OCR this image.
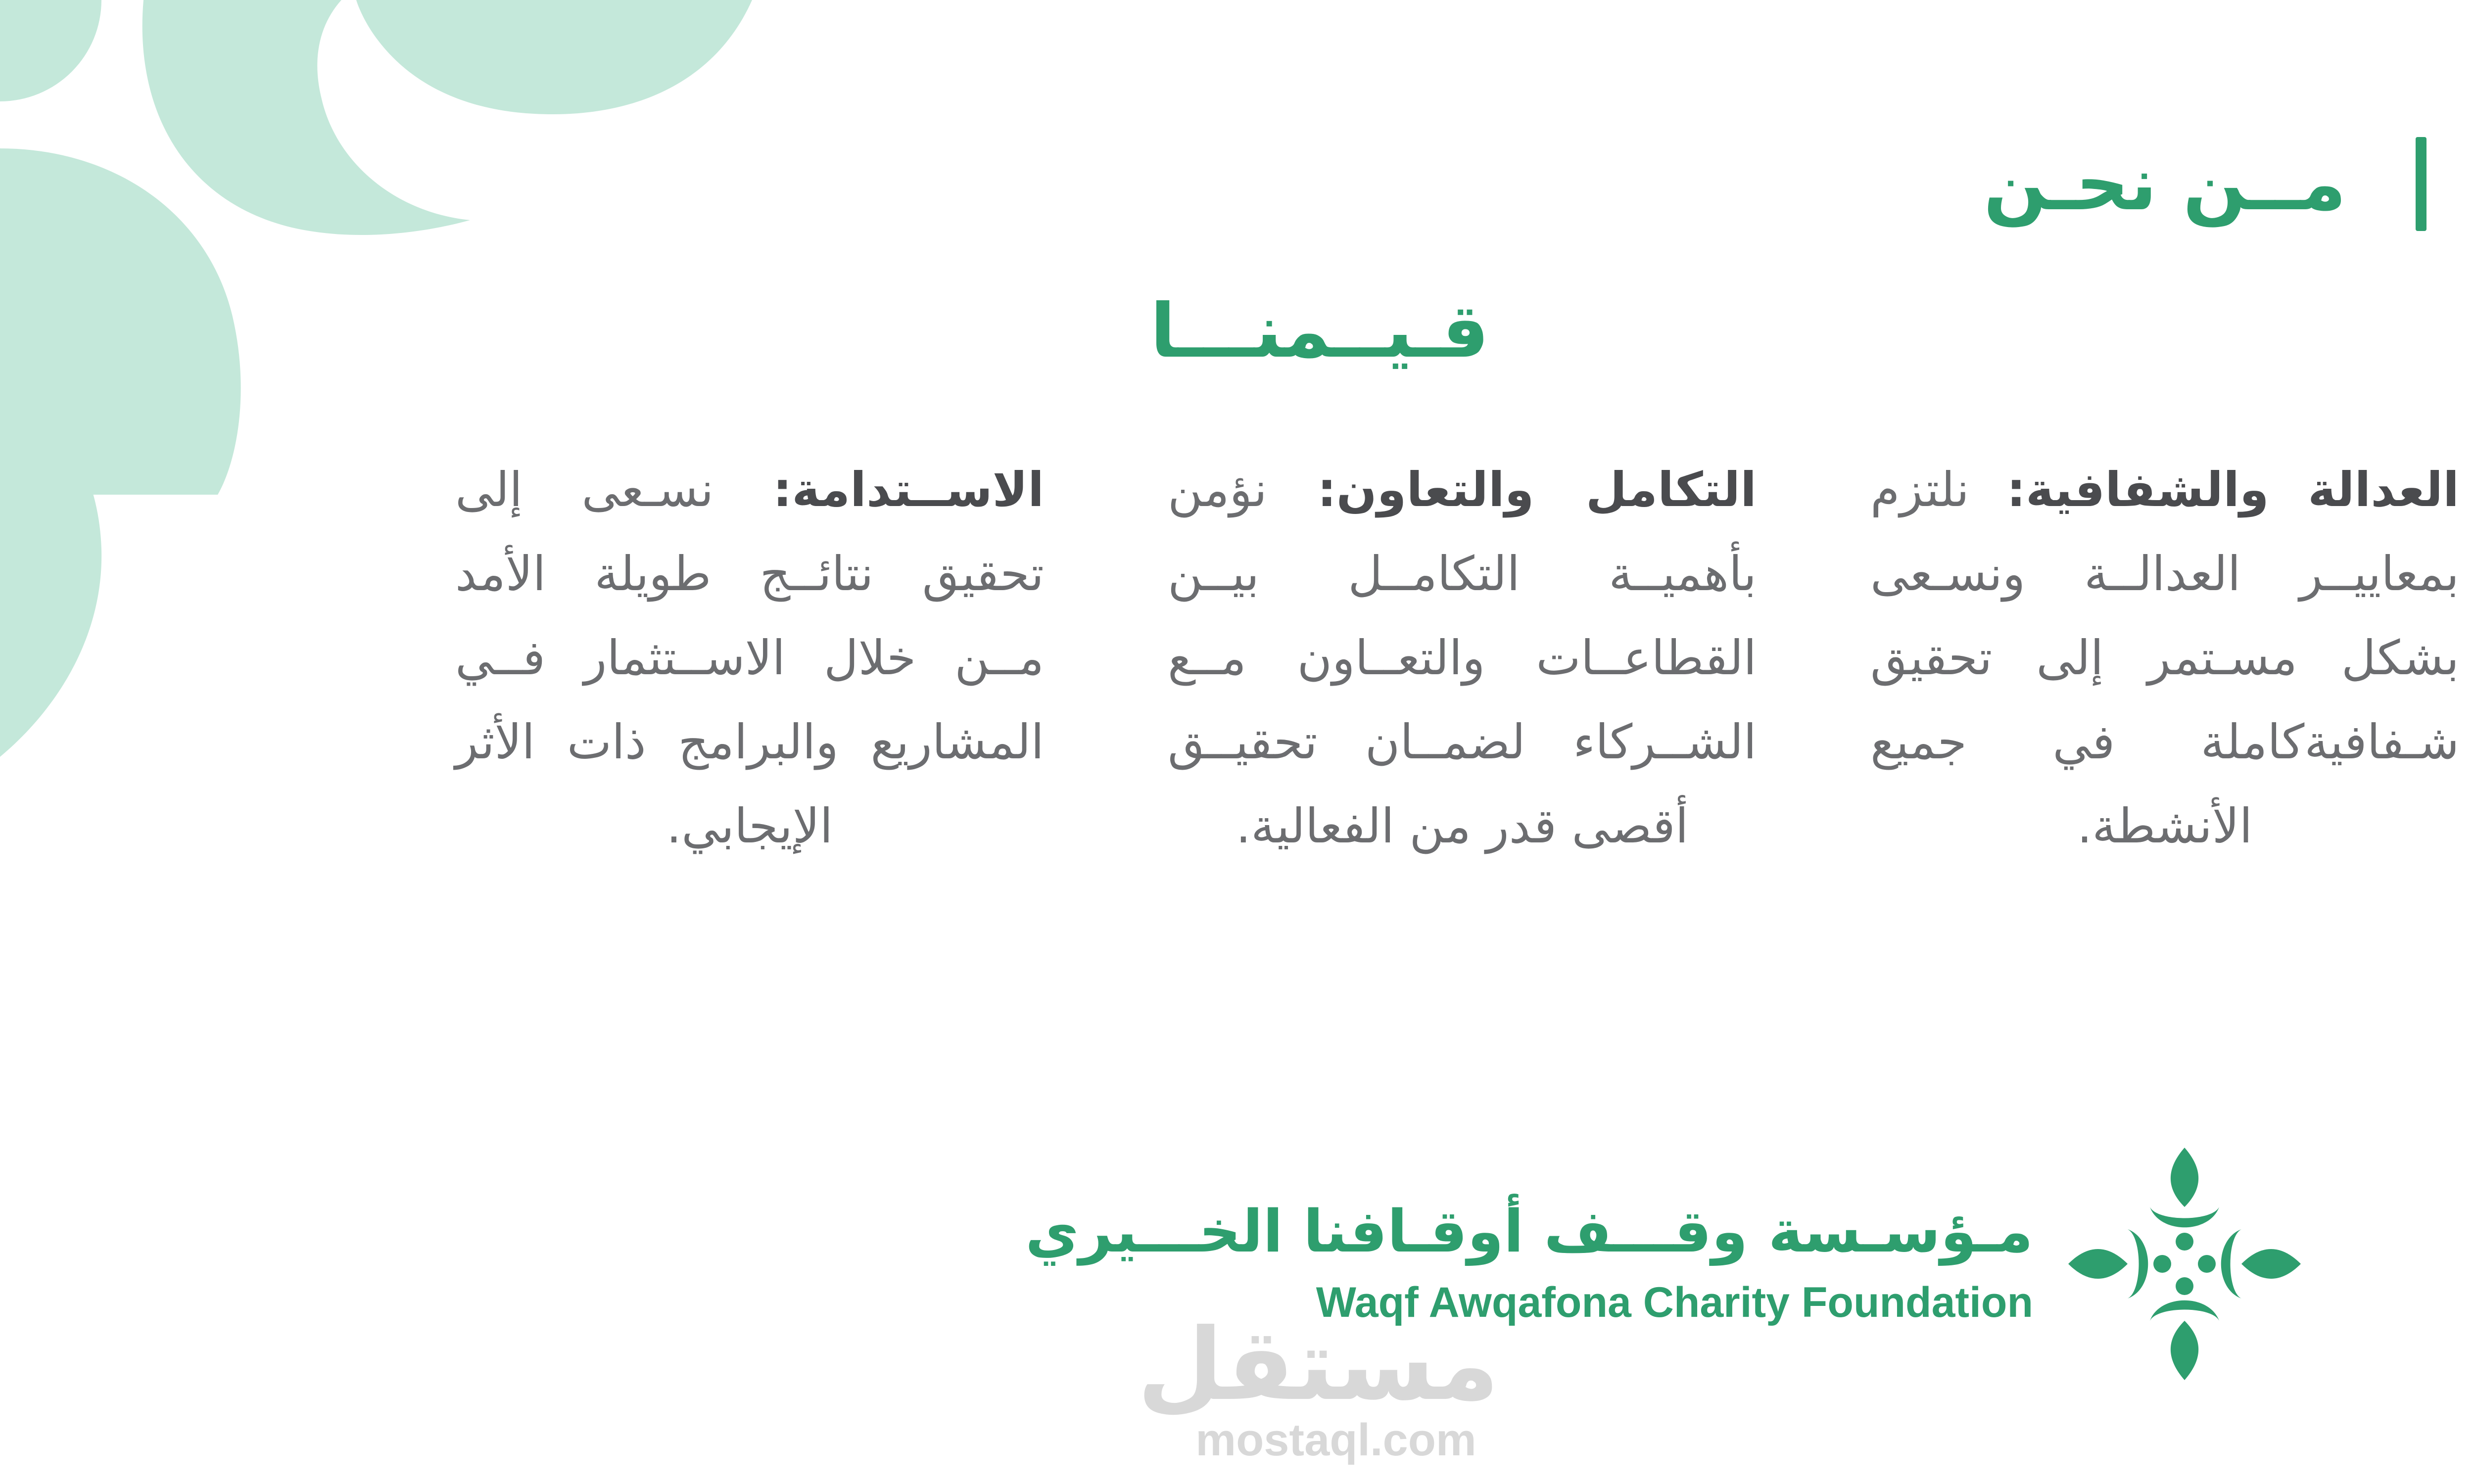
مــن نحـن
قـيــمنـــا
العدالة والشفافية: نلتزم بمعاييــر العدالــة ونسـعى بشكل مسـتمر إلى تحقيق شـفافيةكاملة في جميع الأنشطة.
التكامل والتعاون: نؤمن بأهميــة التكامــل بيــن القطاعــات والتعــاون مــع الشــركاء لضمــان تحقيــق أقصى قدر من الفعالية.
الاســتدامة: نسـعى إلى تحقيق نتائــج طويلة الأمد مــن خلال الاســتثمار فــي المشاريع والبرامج ذات الأثر الإيجابي.
مـؤسـسة وقـــف أوقـافنا الخـــيري
Waqf Awqafona Charity Foundation
مستقل
mostaql.com
